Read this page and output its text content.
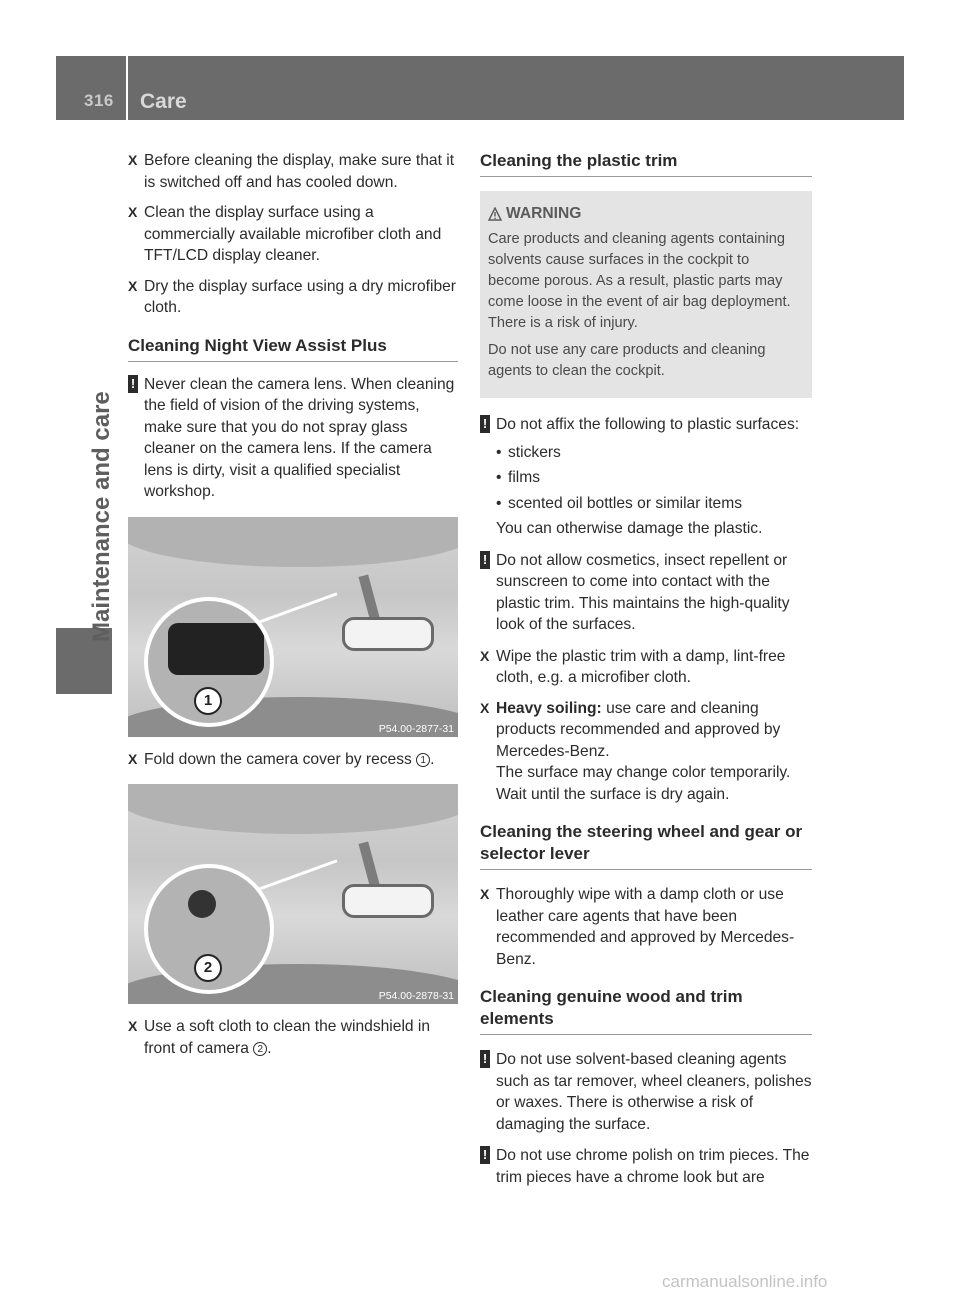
316	Care
Maintenance and care
X Before cleaning the display, make sure that it is switched off and has cooled down.
X Clean the display surface using a commercially available microfiber cloth and TFT/LCD display cleaner.
X Dry the display surface using a dry microfiber cloth.
Cleaning Night View Assist Plus
! Never clean the camera lens. When cleaning the field of vision of the driving systems, make sure that you do not spray glass cleaner on the camera lens. If the camera lens is dirty, visit a qualified specialist workshop.
1
P54.00-2877-31
X Fold down the camera cover by recess 1 .
2
P54.00-2878-31
X Use a soft cloth to clean the windshield in front of camera 2 .
Cleaning the plastic trim
WARNING
Care products and cleaning agents containing solvents cause surfaces in the cockpit to become porous. As a result, plastic parts may come loose in the event of air bag deployment. There is a risk of injury.
Do not use any care products and cleaning agents to clean the cockpit.
! Do not affix the following to plastic surfaces:
• stickers
• films
• scented oil bottles or similar items
You can otherwise damage the plastic.
! Do not allow cosmetics, insect repellent or sunscreen to come into contact with the plastic trim. This maintains the high-quality look of the surfaces.
X Wipe the plastic trim with a damp, lint-free cloth, e.g. a microfiber cloth.
X Heavy soiling: use care and cleaning products recommended and approved by Mercedes-Benz.
The surface may change color temporarily. Wait until the surface is dry again.
Cleaning the steering wheel and gear or selector lever
X Thoroughly wipe with a damp cloth or use leather care agents that have been recommended and approved by Mercedes-Benz.
Cleaning genuine wood and trim elements
! Do not use solvent-based cleaning agents such as tar remover, wheel cleaners, polishes or waxes. There is otherwise a risk of damaging the surface.
! Do not use chrome polish on trim pieces. The trim pieces have a chrome look but are
carmanualsonline.info
